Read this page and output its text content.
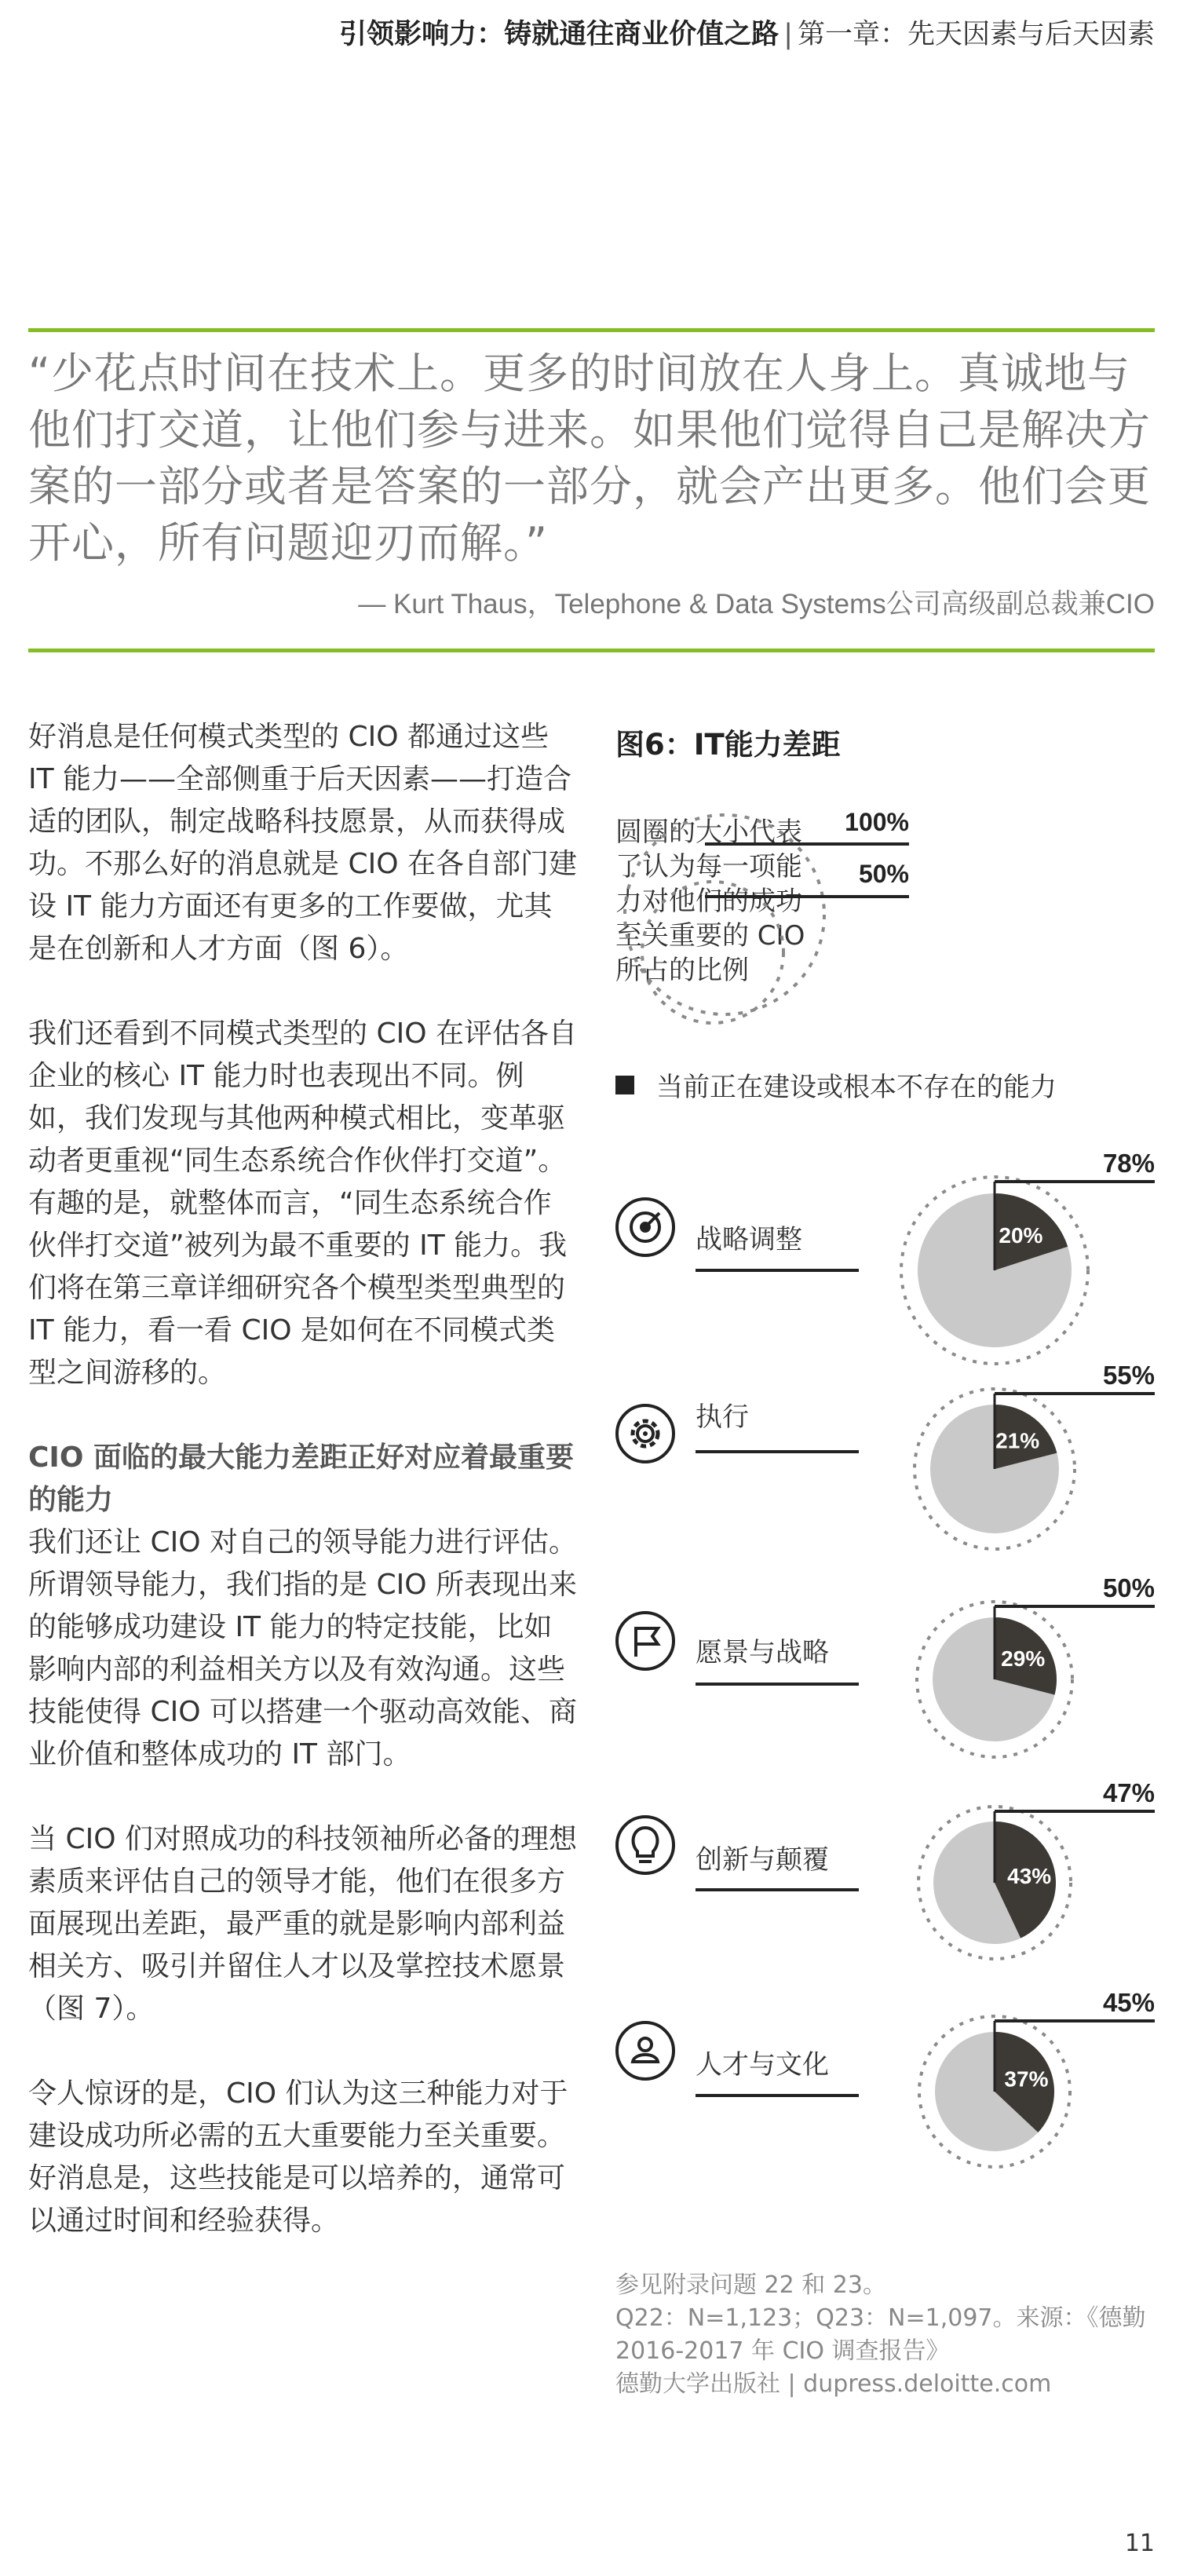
引领影响力：铸就通往商业价值之路 | 第一章：先天因素与后天因素

“少花点时间在技术上。更多的时间放在人身上。真诚地与他们打交道，让他们参与进来。如果他们觉得自己是解决方案的一部分或者是答案的一部分，就会产出更多。他们会更开心，所有问题迎刃而解。”

— Kurt Thaus，Telephone & Data Systems公司高级副总裁兼CIO

好消息是任何模式类型的 CIO 都通过这些 IT 能力——全部侧重于后天因素——打造合适的团队，制定战略科技愿景，从而获得成功。不那么好的消息就是 CIO 在各自部门建设 IT 能力方面还有更多的工作要做，尤其是在创新和人才方面（图 6）。

我们还看到不同模式类型的 CIO 在评估各自企业的核心 IT 能力时也表现出不同。例如，我们发现与其他两种模式相比，变革驱动者更重视“同生态系统合作伙伴打交道”。有趣的是，就整体而言，“同生态系统合作伙伴打交道”被列为最不重要的 IT 能力。我们将在第三章详细研究各个模型类型典型的 IT 能力，看一看 CIO 是如何在不同模式类型之间游移的。

CIO 面临的最大能力差距正好对应着最重要的能力

我们还让 CIO 对自己的领导能力进行评估。所谓领导能力，我们指的是 CIO 所表现出来的能够成功建设 IT 能力的特定技能，比如影响内部的利益相关方以及有效沟通。这些技能使得 CIO 可以搭建一个驱动高效能、商业价值和整体成功的 IT 部门。

当 CIO 们对照成功的科技领袖所必备的理想素质来评估自己的领导才能，他们在很多方面展现出差距，最严重的就是影响内部利益相关方、吸引并留住人才以及掌控技术愿景（图 7）。

令人惊讶的是，CIO 们认为这三种能力对于建设成功所必需的五大重要能力至关重要。好消息是，这些技能是可以培养的，通常可以通过时间和经验获得。

图6：IT能力差距
圆圈的大小代表
了认为每一项能
力对他们的成功
至关重要的 CIO
所占的比例
当前正在建设或根本不存在的能力
100%
50%
战略调整
执行
愿景与战略
创新与颠覆
人才与文化
20%
78%
21%
55%
29%
50%
43%
47%
37%
45%
参见附录问题 22 和 23。
Q22：N=1,123；Q23：N=1,097。来源：《德勤
2016-2017 年 CIO 调查报告》
德勤大学出版社 | dupress.deloitte.com
11
